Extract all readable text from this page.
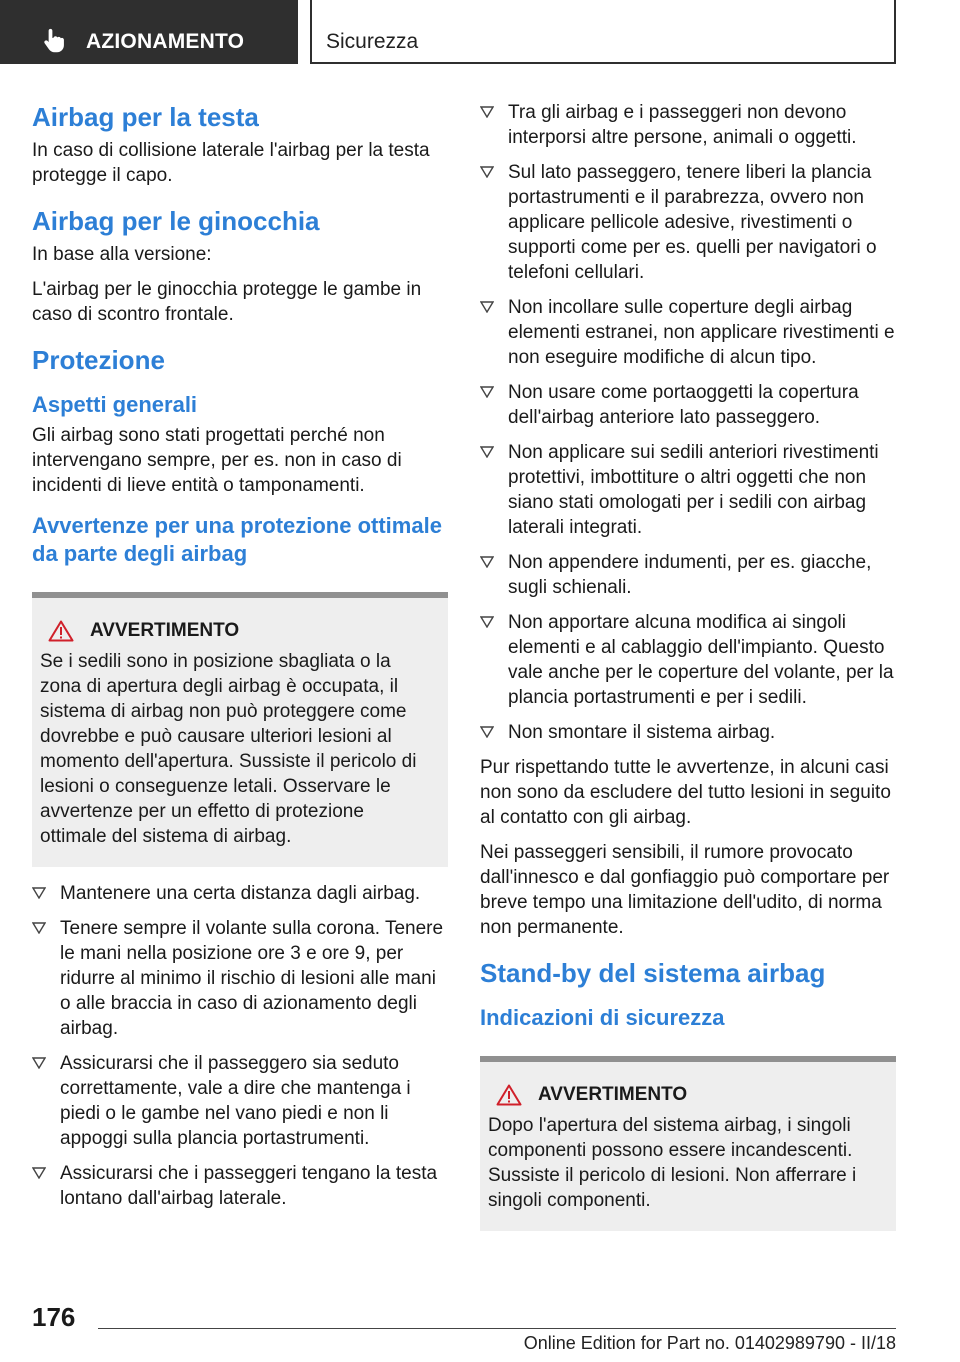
AZIONAMENTO	Sicurezza
Airbag per la testa

In caso di collisione laterale l'airbag per la testa protegge il capo.

Airbag per le ginocchia

In base alla versione:

L'airbag per le ginocchia protegge le gambe in caso di scontro frontale.

Protezione
Aspetti generali

Gli airbag sono stati progettati perché non intervengano sempre, per es. non in caso di incidenti di lieve entità o tamponamenti.

Avvertenze per una protezione ottimale da parte degli airbag
AVVERTIMENTO
Se i sedili sono in posizione sbagliata o la zona di apertura degli airbag è occupata, il sistema di airbag non può proteggere come dovrebbe e può causare ulteriori lesioni al momento dell'apertura. Sussiste il pericolo di lesioni o conseguenze letali. Osservare le avvertenze per un effetto di protezione ottimale del sistema di airbag.
Mantenere una certa distanza dagli airbag.
Tenere sempre il volante sulla corona. Tenere le mani nella posizione ore 3 e ore 9, per ridurre al minimo il rischio di lesioni alle mani o alle braccia in caso di azionamento degli airbag.
Assicurarsi che il passeggero sia seduto correttamente, vale a dire che mantenga i piedi o le gambe nel vano piedi e non li appoggi sulla plancia portastrumenti.
Assicurarsi che i passeggeri tengano la testa lontano dall'airbag laterale.
Tra gli airbag e i passeggeri non devono interporsi altre persone, animali o oggetti.
Sul lato passeggero, tenere liberi la plancia portastrumenti e il parabrezza, ovvero non applicare pellicole adesive, rivestimenti o supporti come per es. quelli per navigatori o telefoni cellulari.
Non incollare sulle coperture degli airbag elementi estranei, non applicare rivestimenti e non eseguire modifiche di alcun tipo.
Non usare come portaoggetti la copertura dell'airbag anteriore lato passeggero.
Non applicare sui sedili anteriori rivestimenti protettivi, imbottiture o altri oggetti che non siano stati omologati per i sedili con airbag laterali integrati.
Non appendere indumenti, per es. giacche, sugli schienali.
Non apportare alcuna modifica ai singoli elementi e al cablaggio dell'impianto. Questo vale anche per le coperture del volante, per la plancia portastrumenti e per i sedili.
Non smontare il sistema airbag.

Pur rispettando tutte le avvertenze, in alcuni casi non sono da escludere del tutto lesioni in seguito al contatto con gli airbag.

Nei passeggeri sensibili, il rumore provocato dall'innesco e dal gonfiaggio può comportare per breve tempo una limitazione dell'udito, di norma non permanente.

Stand-by del sistema airbag
Indicazioni di sicurezza
AVVERTIMENTO
Dopo l'apertura del sistema airbag, i singoli componenti possono essere incandescenti. Sussiste il pericolo di lesioni. Non afferrare i singoli componenti.
176
Online Edition for Part no. 01402989790 - II/18
